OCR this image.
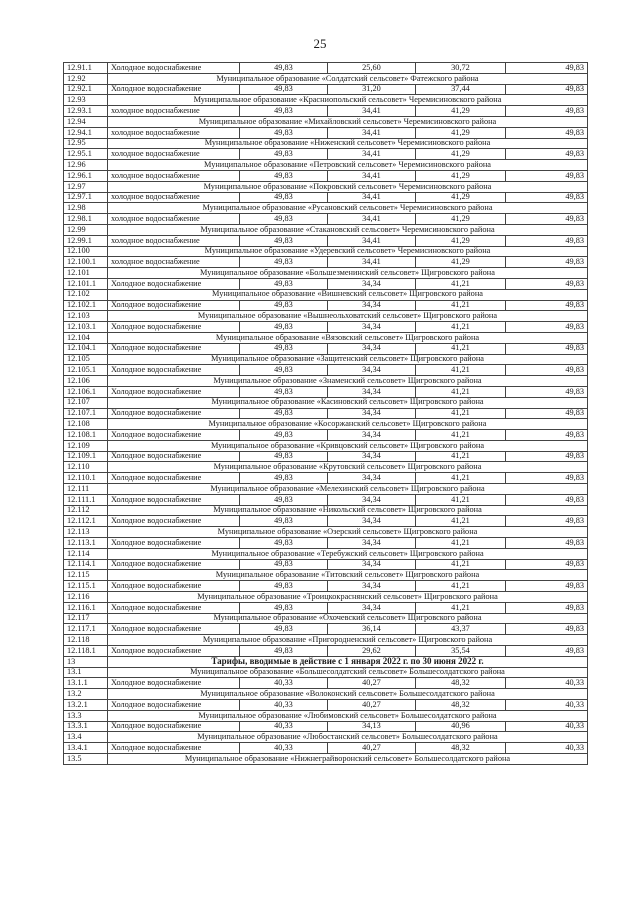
25
12.91.1	Холодное водоснабжение	49,83	25,60	30,72	49,83
12.92	Муниципальное образование «Солдатский сельсовет» Фатежского района				
12.92.1	Холодное водоснабжение	49,83	31,20	37,44	49,83
12.93	Муниципальное образование «Красниопольский сельсовет» Черемисиновского района				
12.93.1	холодное водоснабжение	49,83	34,41	41,29	49,83
12.94	Муниципальное образование «Михайловский сельсовет» Черемисиновского района				
12.94.1	холодное водоснабжение	49,83	34,41	41,29	49,83
12.95	Муниципальное образование «Ниженский сельсовет» Черемисиновского района				
12.95.1	холодное водоснабжение	49,83	34,41	41,29	49,83
12.96	Муниципальное образование «Петровский сельсовет» Черемисиновского района				
12.96.1	холодное водоснабжение	49,83	34,41	41,29	49,83
12.97	Муниципальное образование «Покровский сельсовет» Черемисиновского района				
12.97.1	холодное водоснабжение	49,83	34,41	41,29	49,83
12.98	Муниципальное образование «Русановский сельсовет» Черемисиновского района				
12.98.1	холодное водоснабжение	49,83	34,41	41,29	49,83
12.99	Муниципальное образование «Стакановский сельсовет» Черемисиновского района				
12.99.1	холодное водоснабжение	49,83	34,41	41,29	49,83
12.100	Муниципальное образование «Удеревский сельсовет» Черемисиновского района				
12.100.1	холодное водоснабжение	49,83	34,41	41,29	49,83
12.101	Муниципальное образование «Большезменинский сельсовет» Щигровского района				
12.101.1	Холодное водоснабжение	49,83	34,34	41,21	49,83
12.102	Муниципальное образование «Вишневский сельсовет» Щигровского района				
12.102.1	Холодное водоснабжение	49,83	34,34	41,21	49,83
12.103	Муниципальное образование «Вышнеольховатский сельсовет» Щигровского района				
12.103.1	Холодное водоснабжение	49,83	34,34	41,21	49,83
12.104	Муниципальное образование «Вязовский сельсовет» Щигровского района				
12.104.1	Холодное водоснабжение	49,83	34,34	41,21	49,83
12.105	Муниципальное образование «Защитенский сельсовет» Щигровского района				
12.105.1	Холодное водоснабжение	49,83	34,34	41,21	49,83
12.106	Муниципальное образование «Знаменский сельсовет» Щигровского района				
12.106.1	Холодное водоснабжение	49,83	34,34	41,21	49,83
12.107	Муниципальное образование «Касиновский сельсовет» Щигровского района				
12.107.1	Холодное водоснабжение	49,83	34,34	41,21	49,83
12.108	Муниципальное образование «Косоржанский сельсовет» Щигровского района				
12.108.1	Холодное водоснабжение	49,83	34,34	41,21	49,83
12.109	Муниципальное образование «Кривцовский сельсовет» Щигровского района				
12.109.1	Холодное водоснабжение	49,83	34,34	41,21	49,83
12.110	Муниципальное образование «Крутовский сельсовет» Щигровского района				
12.110.1	Холодное водоснабжение	49,83	34,34	41,21	49,83
12.111	Муниципальное образование «Мелехинский сельсовет» Щигровского района				
12.111.1	Холодное водоснабжение	49,83	34,34	41,21	49,83
12.112	Муниципальное образование «Никольский сельсовет» Щигровского района				
12.112.1	Холодное водоснабжение	49,83	34,34	41,21	49,83
12.113	Муниципальное образование «Озерский сельсовет» Щигровского района				
12.113.1	Холодное водоснабжение	49,83	34,34	41,21	49,83
12.114	Муниципальное образование «Теребужский сельсовет» Щигровского района				
12.114.1	Холодное водоснабжение	49,83	34,34	41,21	49,83
12.115	Муниципальное образование «Титовский сельсовет» Щигровского района				
12.115.1	Холодное водоснабжение	49,83	34,34	41,21	49,83
12.116	Муниципальное образование «Троицкокраснянский сельсовет» Щигровского района				
12.116.1	Холодное водоснабжение	49,83	34,34	41,21	49,83
12.117	Муниципальное образование «Охочевский сельсовет» Щигровского района				
12.117.1	Холодное водоснабжение	49,83	36,14	43,37	49,83
12.118	Муниципальное образование «Пригородненский сельсовет» Щигровского района				
12.118.1	Холодное водоснабжение	49,83	29,62	35,54	49,83
13	Тарифы, вводимые в действие с 1 января 2022 г. по 30 июня 2022 г.				
13.1	Муниципальное образование «Большесолдатский сельсовет» Большесолдатского района				
13.1.1	Холодное водоснабжение	40,33	40,27	48,32	40,33
13.2	Муниципальное образование «Волоконский сельсовет» Большесолдатского района				
13.2.1	Холодное водоснабжение	40,33	40,27	48,32	40,33
13.3	Муниципальное образование «Любимовский сельсовет» Большесолдатского района				
13.3.1	Холодное водоснабжение	40,33	34,13	40,96	40,33
13.4	Муниципальное образование «Любостанский сельсовет» Большесолдатского района				
13.4.1	Холодное водоснабжение	40,33	40,27	48,32	40,33
13.5	Муниципальное образование «Нижнеграйворонский сельсовет» Большесолдатского района				
